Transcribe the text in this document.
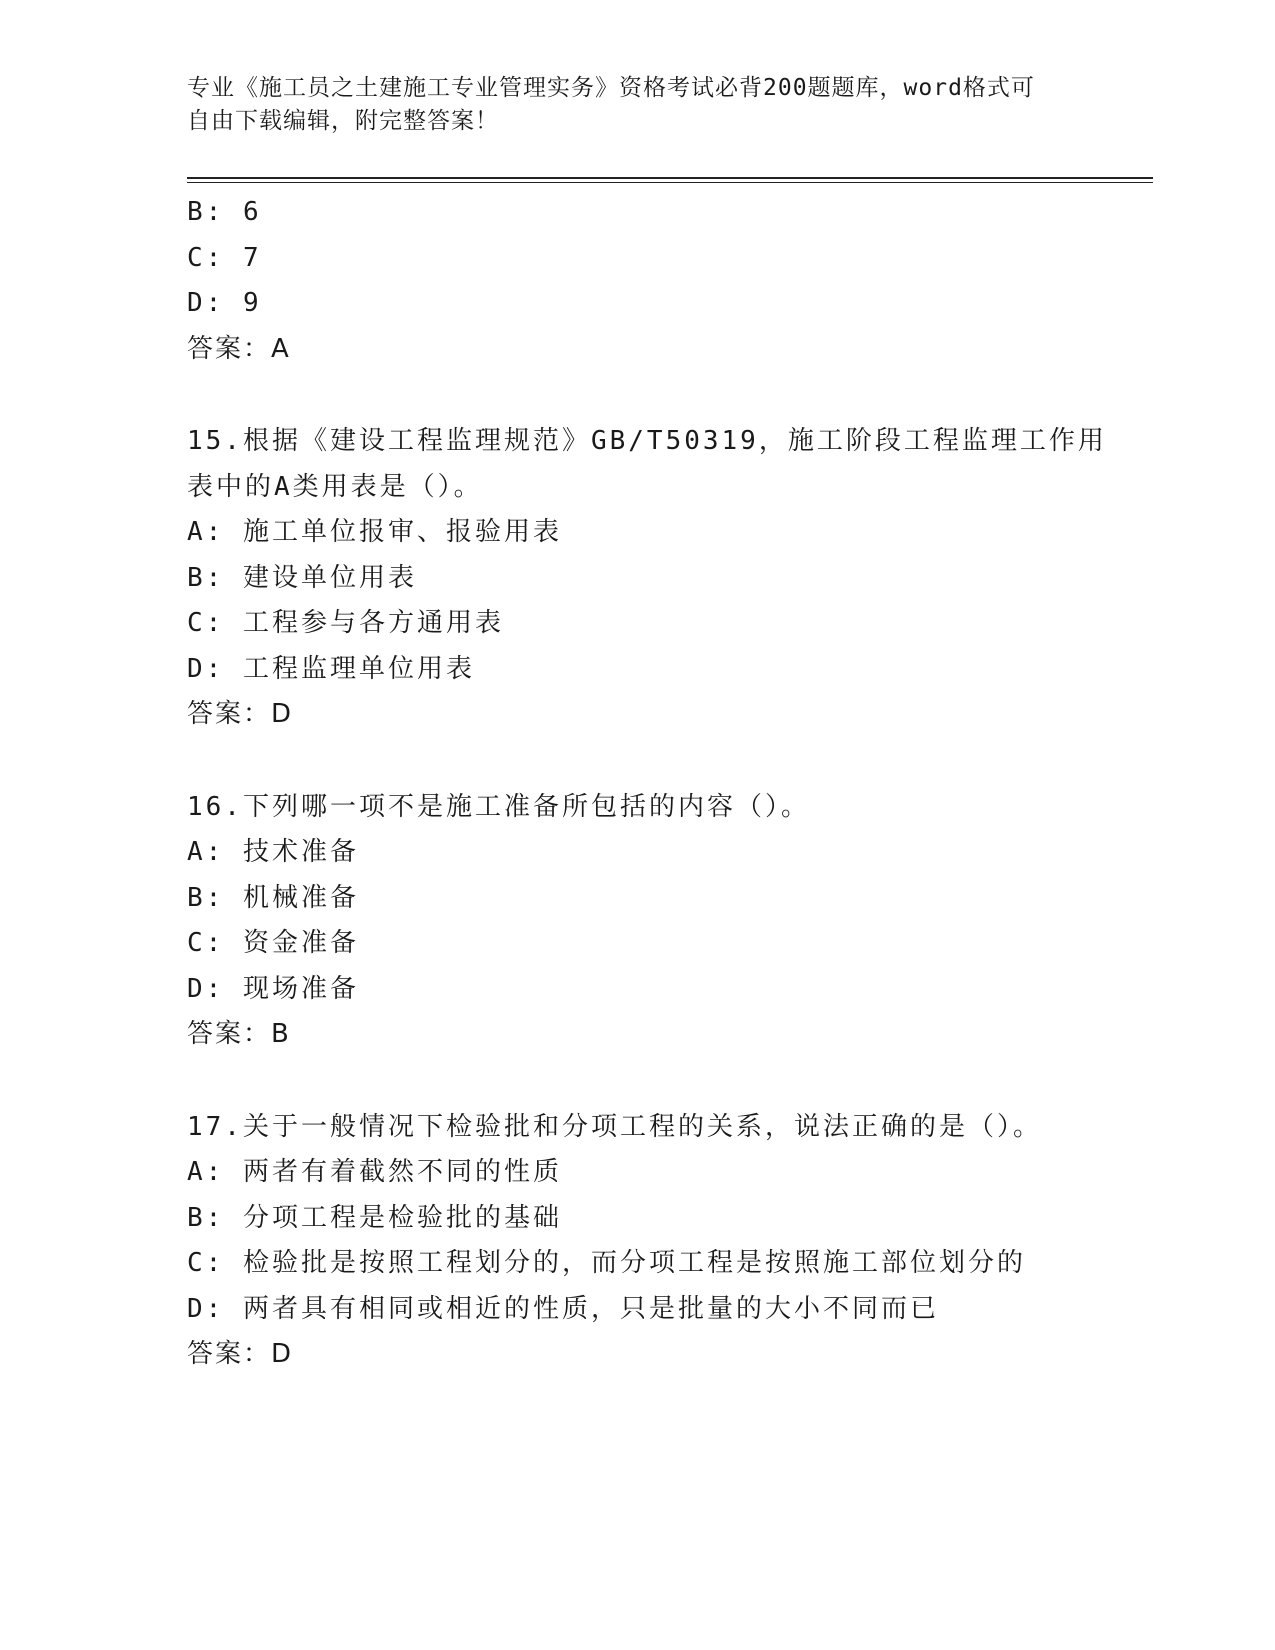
专业《施工员之土建施工专业管理实务》资格考试必背200题题库，word格式可
自由下载编辑，附完整答案！
B: 6
C: 7
D: 9
答案：A
15.根据《建设工程监理规范》GB/T50319，施工阶段工程监理工作用
表中的A类用表是（）。
A: 施工单位报审、报验用表
B: 建设单位用表
C: 工程参与各方通用表
D: 工程监理单位用表
答案：D
16.下列哪一项不是施工准备所包括的内容（）。
A: 技术准备
B: 机械准备
C: 资金准备
D: 现场准备
答案：B
17.关于一般情况下检验批和分项工程的关系，说法正确的是（）。
A: 两者有着截然不同的性质
B: 分项工程是检验批的基础
C: 检验批是按照工程划分的，而分项工程是按照施工部位划分的
D: 两者具有相同或相近的性质，只是批量的大小不同而已
答案：D
